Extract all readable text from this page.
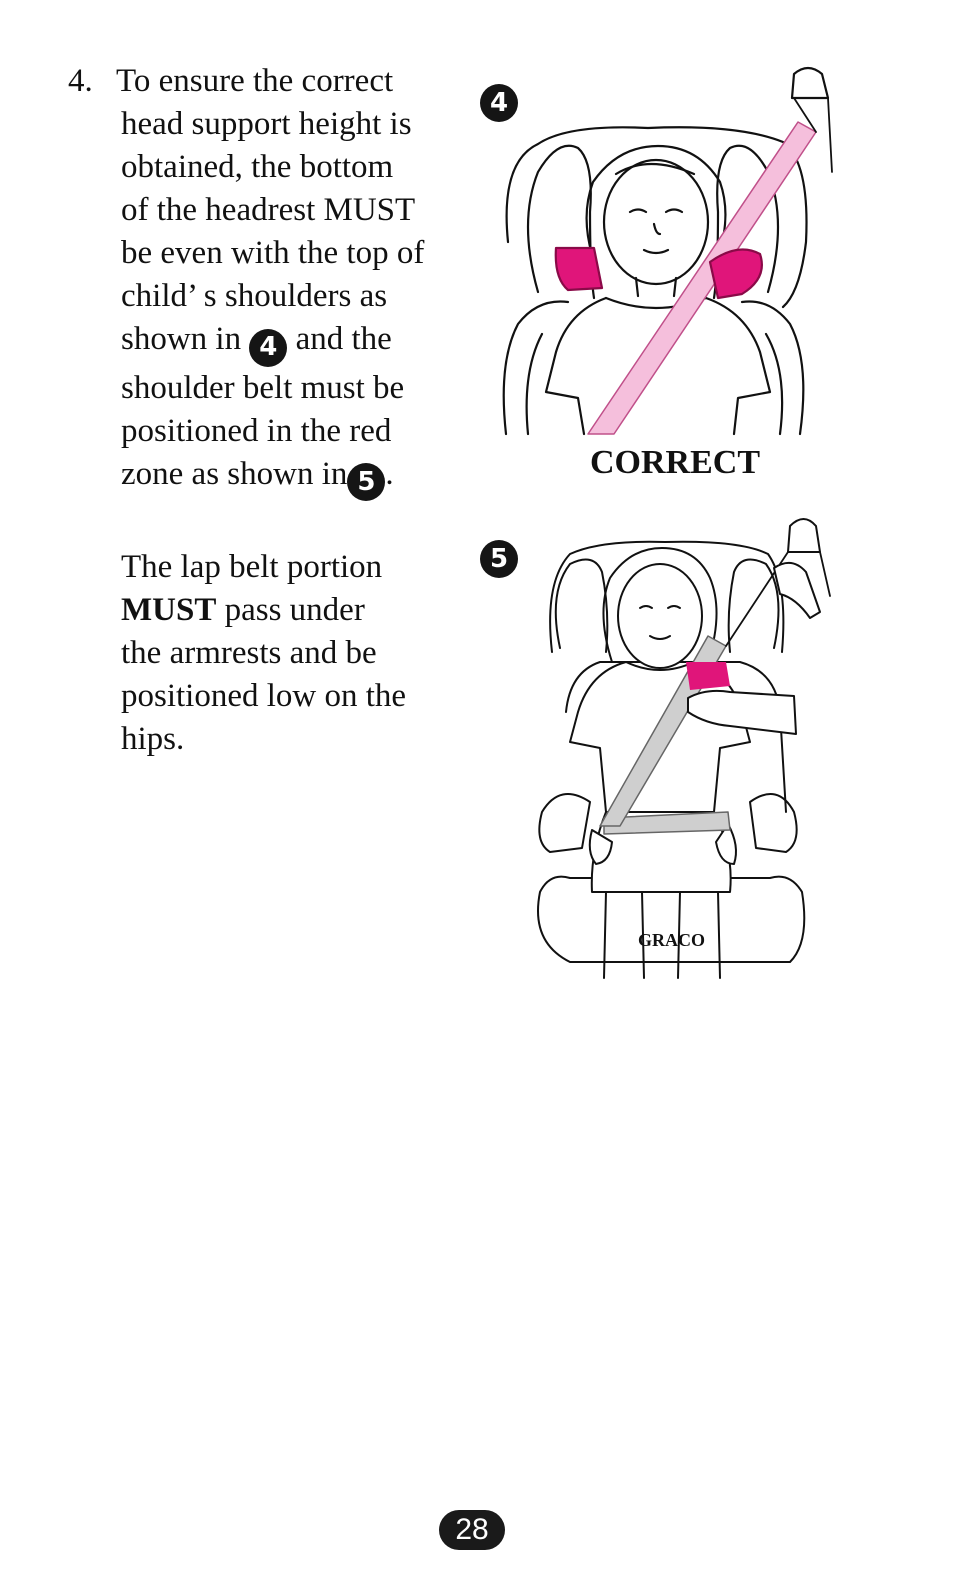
4. To ensure the correct
head support height is
obtained, the bottom
of the headrest MUST
be even with the top of
child’ s shoulders as
shown in 4 and the
shoulder belt must be
positioned in the red
zone as shown in 5 .
The lap belt portion
MUST pass under
the armrests and be
positioned low on the
hips.
4
CORRECT
5
GRACO
28
